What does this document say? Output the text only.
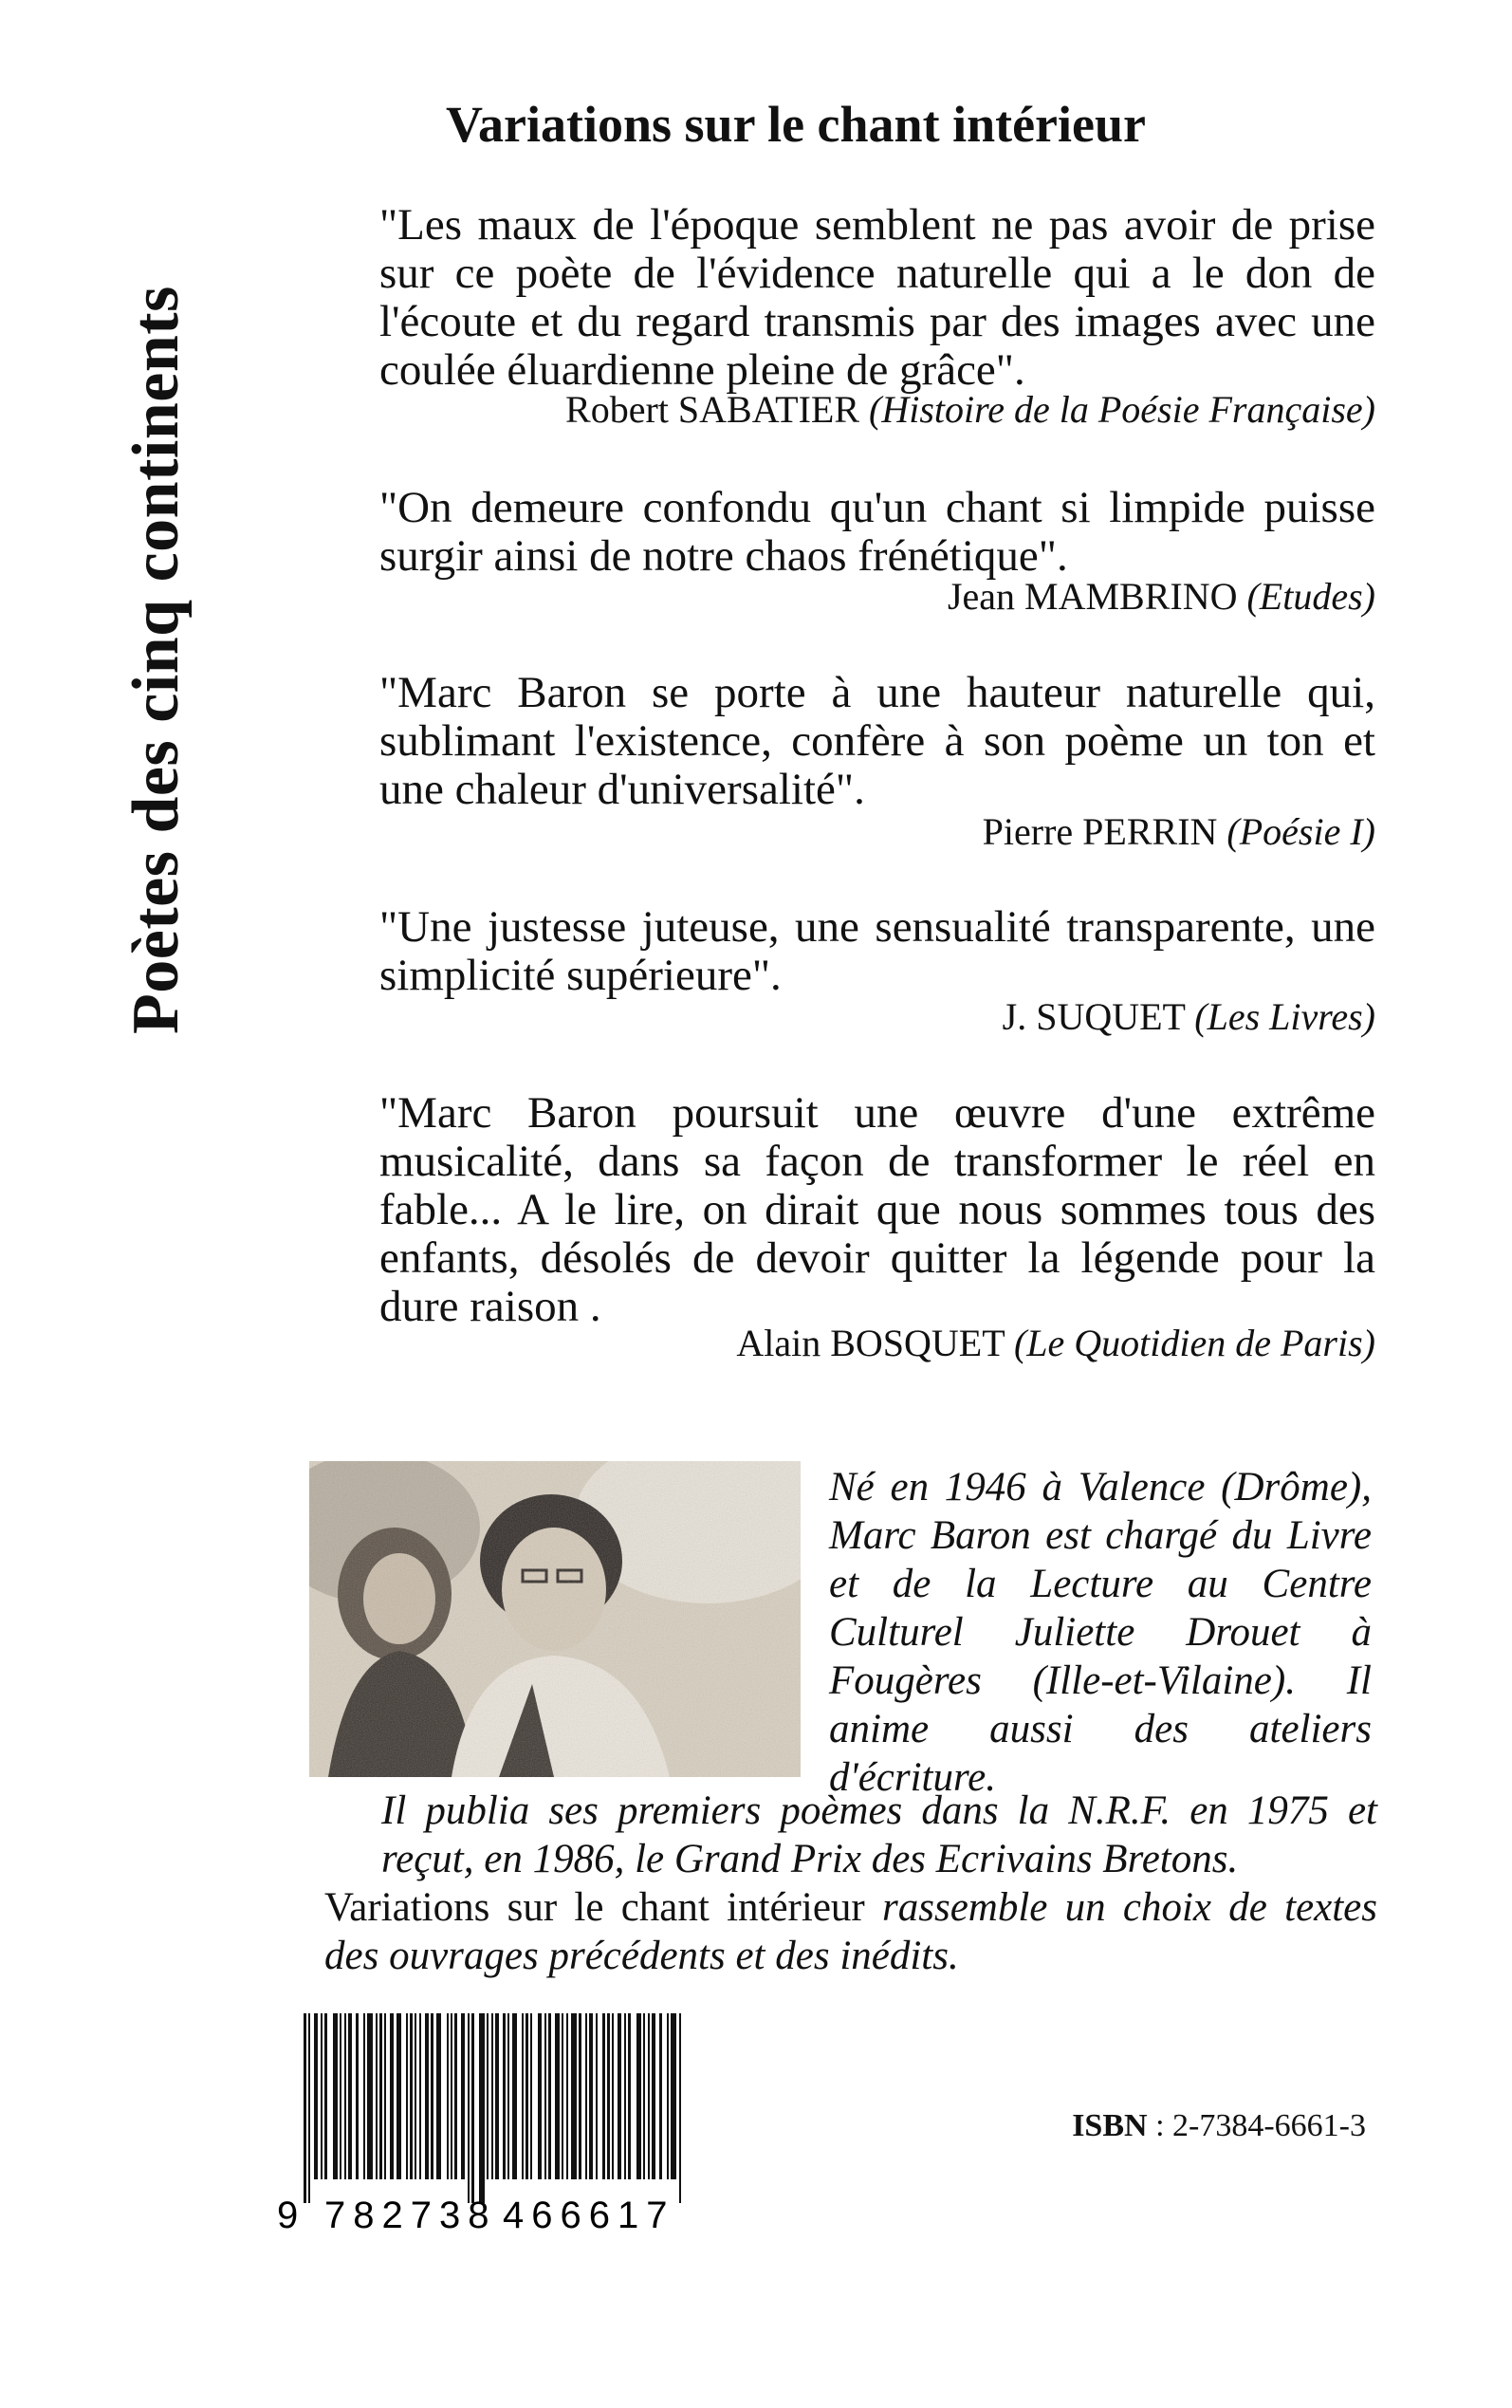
Poètes des cinq continents
Variations sur le chant intérieur
"Les maux de l'époque semblent ne pas avoir de prise sur ce poète de l'évidence naturelle qui a le don de l'écoute et du regard transmis par des images avec une coulée éluardienne pleine de grâce".
Robert SABATIER (Histoire de la Poésie Française)
"On demeure confondu qu'un chant si limpide puisse surgir ainsi de notre chaos frénétique".
Jean MAMBRINO (Etudes)
"Marc Baron se porte à une hauteur naturelle qui, sublimant l'existence, confère à son poème un ton et une chaleur d'universalité".
Pierre PERRIN (Poésie I)
"Une justesse juteuse, une sensualité transparente, une simplicité supérieure".
J. SUQUET (Les Livres)
"Marc Baron poursuit une œuvre d'une extrême musicalité, dans sa façon de transformer le réel en fable... A le lire, on dirait que nous sommes tous des enfants, désolés de devoir quitter la légende pour la dure raison .
Alain BOSQUET (Le Quotidien de Paris)
Né en 1946 à Valence (Drôme), Marc Baron est chargé du Livre et de la Lecture au Centre Culturel Juliette Drouet à Fougères (Ille-et-Vilaine). Il anime aussi des ateliers d'écriture.
Il publia ses premiers poèmes dans la N.R.F. en 1975 et reçut, en 1986, le Grand Prix des Ecrivains Bretons.
Variations sur le chant intérieur rassemble un choix de textes des ouvrages précédents et des inédits.
9 782738 466617
ISBN : 2-7384-6661-3
